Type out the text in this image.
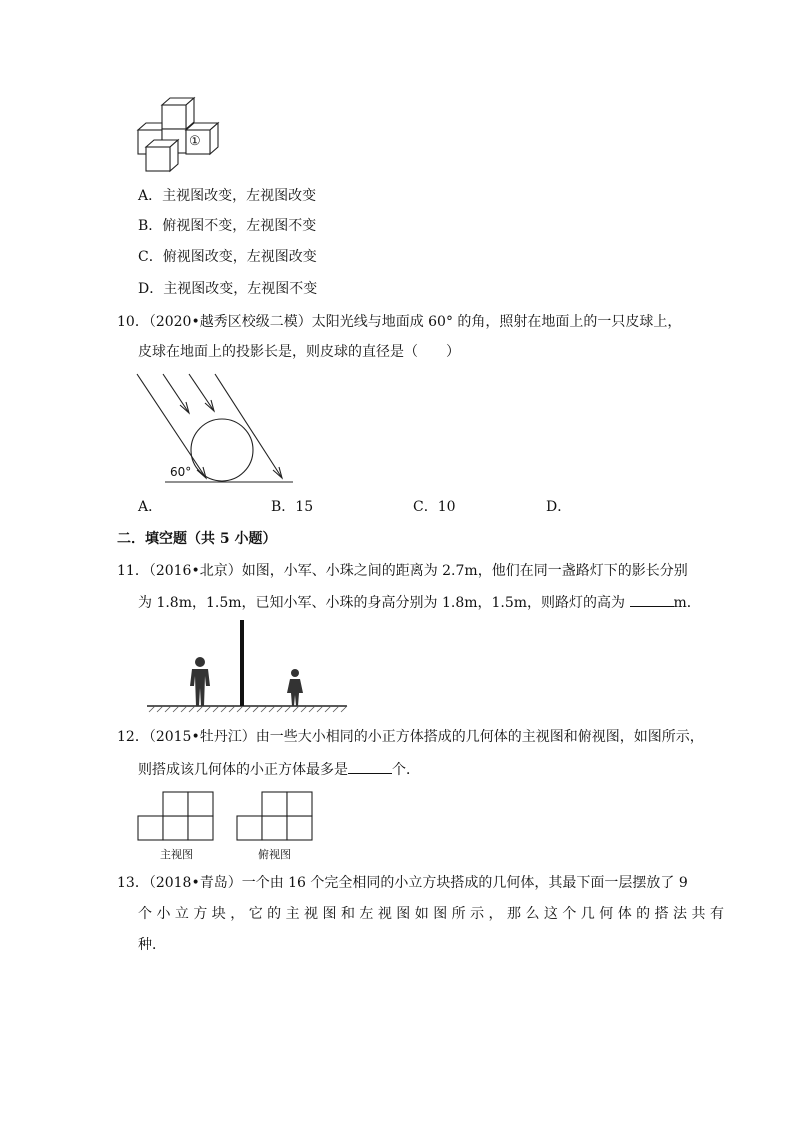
①
A．主视图改变，左视图改变
B．俯视图不变，左视图不变
C．俯视图改变，左视图改变
D．主视图改变，左视图不变
10．（2020•越秀区校级二模）太阳光线与地面成 60° 的角，照射在地面上的一只皮球上，
皮球在地面上的投影长是，则皮球的直径是（　　）
60°
A．	B．15	C．10	D．
二．填空题（共 5 小题）
11．（2016•北京）如图，小军、小珠之间的距离为 2.7m，他们在同一盏路灯下的影长分别
为 1.8m，1.5m，已知小军、小珠的身高分别为 1.8m，1.5m，则路灯的高为	m．
12．（2015•牡丹江）由一些大小相同的小正方体搭成的几何体的主视图和俯视图，如图所示，
则搭成该几何体的小正方体最多是	个．
主视图	俯视图
13．（2018•青岛）一个由 16 个完全相同的小立方块搭成的几何体，其最下面一层摆放了 9
个 小 立 方 块 ， 它 的 主 视 图 和 左 视 图 如 图 所 示 ， 那 么 这 个 几 何 体 的 搭 法 共 有
种．
